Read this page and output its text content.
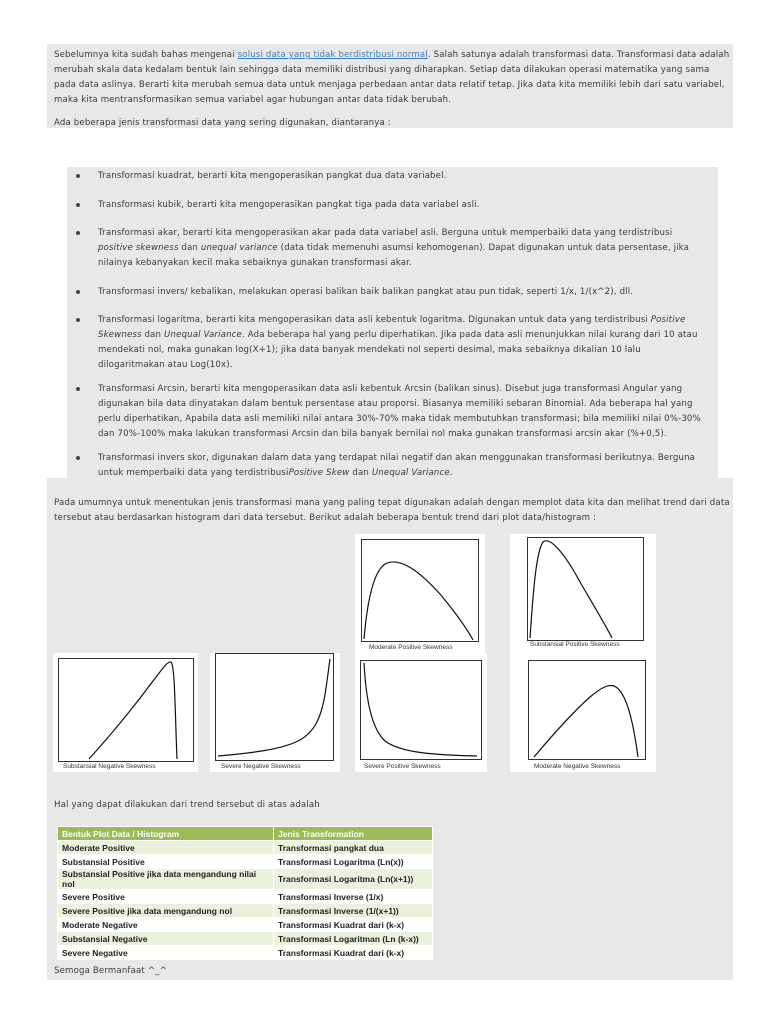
Sebelumnya kita sudah bahas mengenai solusi data yang tidak berdistribusi normal. Salah satunya adalah transformasi data. Transformasi data adalah merubah skala data kedalam bentuk lain sehingga data memiliki distribusi yang diharapkan. Setiap data dilakukan operasi matematika yang sama pada data aslinya. Berarti kita merubah semua data untuk menjaga perbedaan antar data relatif tetap. Jika data kita memiliki lebih dari satu variabel, maka kita mentransformasikan semua variabel agar hubungan antar data tidak berubah.
Ada beberapa jenis transformasi data yang sering digunakan, diantaranya :
Transformasi kuadrat, berarti kita mengoperasikan pangkat dua data variabel.
Transformasi kubik, berarti kita mengoperasikan pangkat tiga pada data variabel asli.
Transformasi akar, berarti kita mengoperasikan akar pada data variabel asli. Berguna untuk memperbaiki data yang terdistribusi positive skewness dan unequal variance (data tidak memenuhi asumsi kehomogenan). Dapat digunakan untuk data persentase, jika nilainya kebanyakan kecil maka sebaiknya gunakan transformasi akar.
Transformasi invers/ kebalikan, melakukan operasi balikan baik balikan pangkat atau pun tidak, seperti 1/x, 1/(x^2), dll.
Transformasi logaritma, berarti kita mengoperasikan data asli kebentuk logaritma. Digunakan untuk data yang terdistribusi Positive Skewness dan Unequal Variance. Ada beberapa hal yang perlu diperhatikan. Jika pada data asli menunjukkan nilai kurang dari 10 atau mendekati nol, maka gunakan log(X+1); jika data banyak mendekati nol seperti desimal, maka sebaiknya dikalian 10 lalu dilogaritmakan atau Log(10x).
Transformasi Arcsin, berarti kita mengoperasikan data asli kebentuk Arcsin (balikan sinus). Disebut juga transformasi Angular yang digunakan bila data dinyatakan dalam bentuk persentase atau proporsi. Biasanya memiliki sebaran Binomial. Ada beberapa hal yang perlu diperhatikan, Apabila data asli memiliki nilai antara 30%-70% maka tidak membutuhkan transformasi; bila memiliki nilai 0%-30% dan 70%-100% maka lakukan transformasi Arcsin dan bila banyak bernilai nol maka gunakan transformasi arcsin akar (%+0,5).
Transformasi invers skor, digunakan dalam data yang terdapat nilai negatif dan akan menggunakan transformasi berikutnya. Berguna untuk memperbaiki data yang terdistribusiPositive Skew dan Unequal Variance.
Pada umumnya untuk menentukan jenis transformasi mana yang paling tepat digunakan adalah dengan memplot data kita dan melihat trend dari data tersebut atau berdasarkan histogram dari data tersebut. Berikut adalah beberapa bentuk trend dari plot data/histogram :
Hal yang dapat dilakukan dari trend tersebut di atas adalah
Semoga Bermanfaat ^_^
Moderate Positive Skewness	Substansial Positive Skewness
Substansial Negative Skewness	Severe Negative Skewness	Severe Positive Skewness	Moderate Negative Skewness
Bentuk Plot Data / Histogram	Jenis Transformation
Moderate Positive	Transformasi pangkat dua
Substansial Positive	Transformasi Logaritma (Ln(x))
Substansial Positive jika data mengandung nilai nol	Transformasi Logaritma (Ln(x+1))
Severe Positive	Transformasi Inverse (1/x)
Severe Positive jika data mengandung nol	Transformasi Inverse (1/(x+1))
Moderate Negative	Transformasi Kuadrat dari (k-x)
Substansial Negative	Transformasi Logaritman (Ln (k-x))
Severe Negative	Transformasi Kuadrat dari (k-x)
